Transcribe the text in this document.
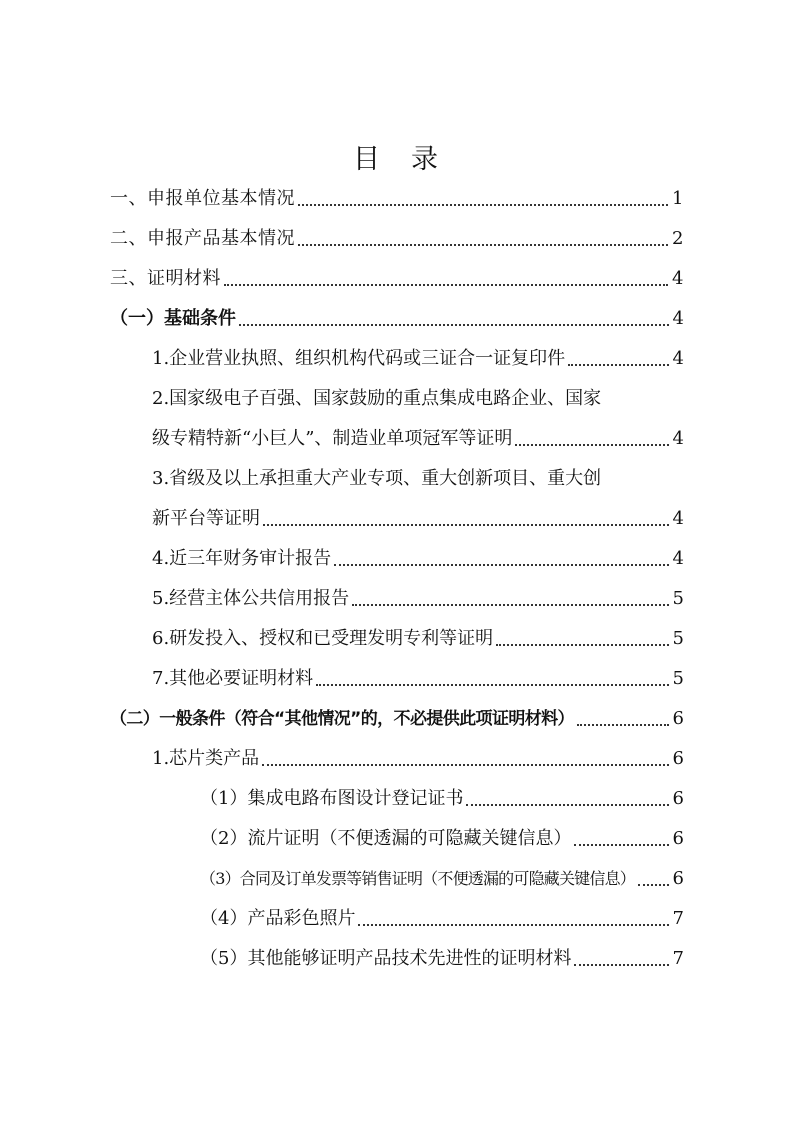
目　录
一、申报单位基本情况	1
二、申报产品基本情况	2
三、证明材料	4
（一）基础条件	4
1.企业营业执照、组织机构代码或三证合一证复印件	4
2.国家级电子百强、国家鼓励的重点集成电路企业、国家
级专精特新“小巨人”、制造业单项冠军等证明	4
3.省级及以上承担重大产业专项、重大创新项目、重大创
新平台等证明	4
4.近三年财务审计报告	4
5.经营主体公共信用报告	5
6.研发投入、授权和已受理发明专利等证明	5
7.其他必要证明材料	5
（二）一般条件（符合“其他情况”的，不必提供此项证明材料）	6
1.芯片类产品	6
（1）集成电路布图设计登记证书	6
（2）流片证明（不便透漏的可隐藏关键信息）	6
（3）合同及订单发票等销售证明（不便透漏的可隐藏关键信息） 6
（4）产品彩色照片	7
（5）其他能够证明产品技术先进性的证明材料	7
